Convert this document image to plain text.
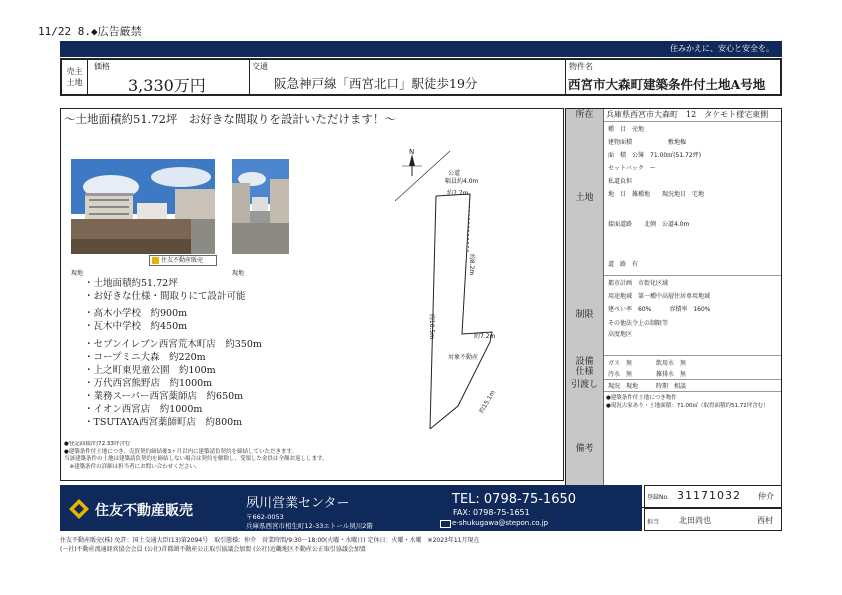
11/22 8.◆広告厳禁
住みかえに、安心と安全を。
売主
土地
価格
3,330万円
交通
阪急神戸線「西宮北口」駅徒歩19分
物件名
西宮市大森町建築条件付土地A号地
〜土地面積約51.72坪　お好きな間取りを設計いただけます！〜
住友不動産販売
現地	現地
N
公道
幅員約4.0m
約7.7m
約8.2m
約10.5m	約7.2m
対象不動産
約15.1m
・土地面積約51.72坪
・お好きな仕様・間取りにて設計可能
・高木小学校　約900m
・瓦木中学校　約450m
・セブンイレブン西宮荒木町店　約350m
・コープミニ大森　約220m
・上之町東児童公園　約100m
・万代西宮熊野店　約1000m
・業務スーパー西宮薬師店　約650m
・イオン西宮店　約1000m
・TSUTAYA西宮薬師町店　約800m
●登記面積/約72.33坪含む
●建築条件付土地につき、売買契約締結後3ヶ月以内に建築請負契約を締結していただきます。
当該建築条件の土地は建築請負契約を締結しない場合は契約を解除し、受領した金員は全額お返しします。
　※建築条件の詳細は担当者にお問い合わせください。
所在	兵庫県西宮市大森町　12　タケモト様宅東側
土地
種　目　売地
建物面積　　　　　　敷地権
面　積　公簿　71.00㎡(51.72坪)
セットバック　ー
私道負担
地　目　雑種地　　現況地目　宅地
接面道路　　北側　公道4.0m
道　路　有
制限
都市計画　市街化区域
用途地域　第一種中高層住居専用地域
建ぺい率　60%　　　容積率　160%
その他法令上の制限等
高度地区
設備
仕様
ガス　無　　　　飲用水　無
汚水　無　　　　雑排水　無
引渡し	現況　現地　　　時期　相談
備考
●建築条件付土地につき物件
●現況古家あり・土地面積：71.00㎡（取得面積約51.72坪含む）
住友不動産販売	夙川営業センター
〒662-0053
兵庫県西宮市相生町12-33エトール夙川2階
TEL: 0798-75-1650
FAX: 0798-75-1651
e-shukugawa@stepon.co.jp
登録No. 31171032 仲介
担当 北田尚也	西村
住友不動産販売(株) 免許：国土交通大臣(13)第2094号　取引態様：仲介　営業時間/9:30〜18:00(火曜・水曜日) 定休日：火曜・水曜　※2023年11月現在
(一社)不動産流通経営協会会員 (公社)首都圏不動産公正取引協議会加盟 (公社)近畿地区不動産公正取引協議会加盟
